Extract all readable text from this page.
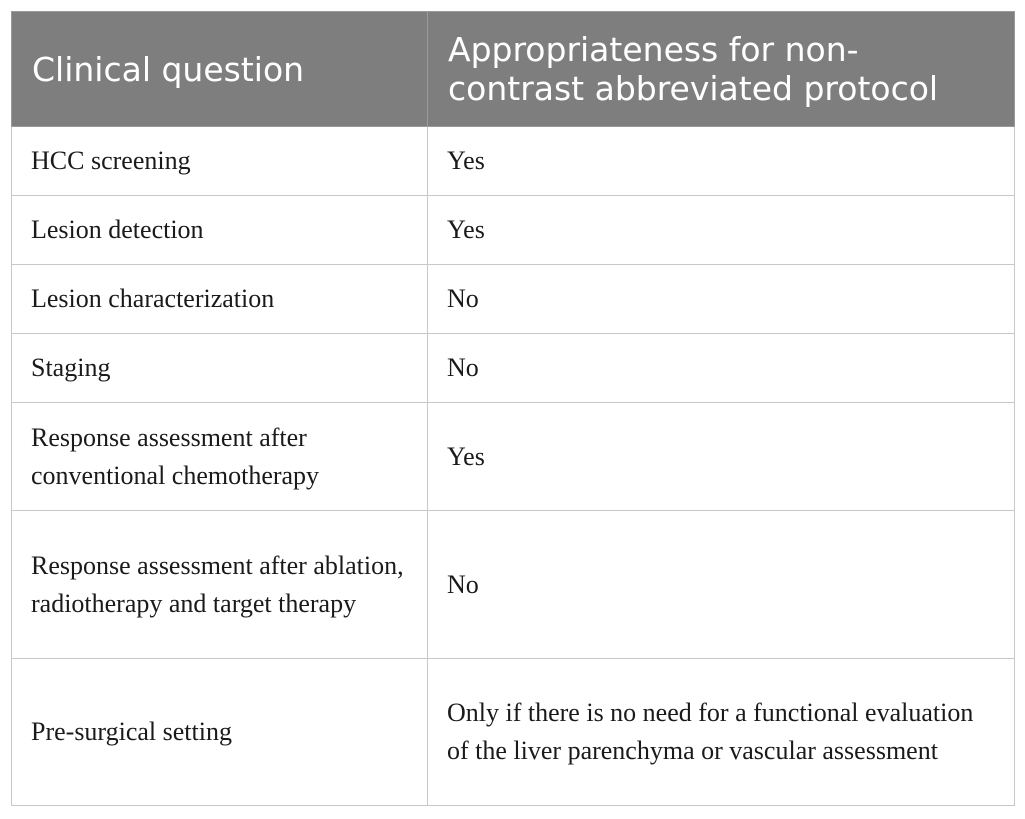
Clinical question	Appropriateness for non-contrast abbreviated protocol
HCC screening	Yes
Lesion detection	Yes
Lesion characterization	No
Staging	No
Response assessment after conventional chemotherapy	Yes
Response assessment after ablation, radiotherapy and target therapy	No
Pre-surgical setting	Only if there is no need for a functional evaluation of the liver parenchyma or vascular assessment
